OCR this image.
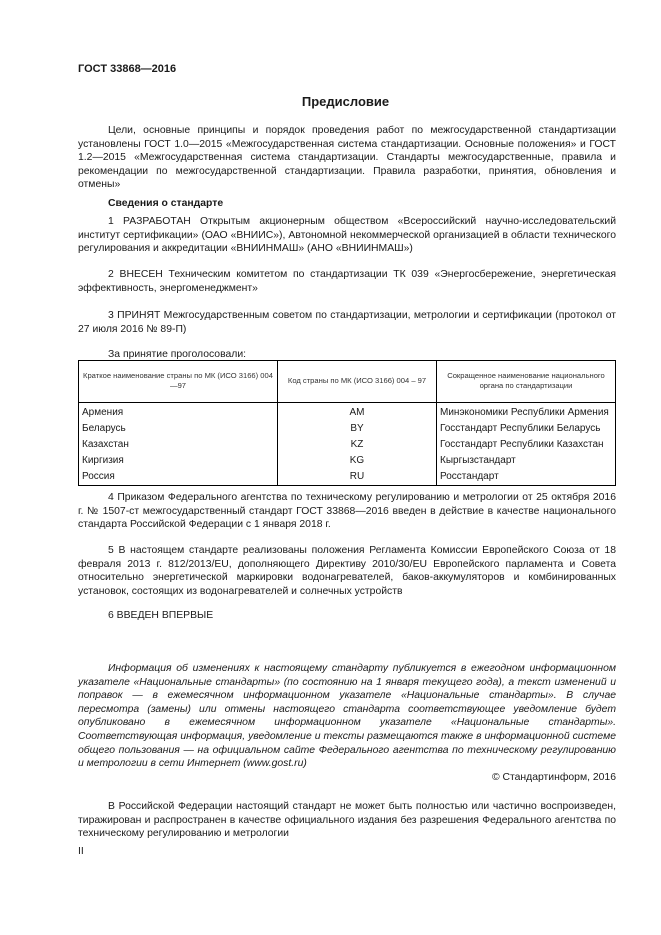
ГОСТ 33868—2016
Предисловие
Цели, основные принципы и порядок проведения работ по межгосударственной стандартизации установлены ГОСТ 1.0—2015 «Межгосударственная система стандартизации. Основные положения» и ГОСТ 1.2—2015 «Межгосударственная система стандартизации. Стандарты межгосударственные, правила и рекомендации по межгосударственной стандартизации. Правила разработки, принятия, обновления и отмены»
Сведения о стандарте
1 РАЗРАБОТАН Открытым акционерным обществом «Всероссийский научно-исследовательский институт сертификации» (ОАО «ВНИИС»), Автономной некоммерческой организацией в области технического регулирования и аккредитации «ВНИИНМАШ» (АНО «ВНИИНМАШ»)
2 ВНЕСЕН Техническим комитетом по стандартизации ТК 039 «Энергосбережение, энергетическая эффективность, энергоменеджмент»
3 ПРИНЯТ Межгосударственным советом по стандартизации, метрологии и сертификации (протокол от 27 июля 2016 № 89-П)
За принятие проголосовали:
Краткое наименование страны по МК (ИСО 3166) 004 —97	Код страны по МК (ИСО 3166) 004 – 97	Сокращенное наименование национального органа по стандартизации

Армения	AM	Минэкономики Республики Армения
Беларусь	BY	Госстандарт Республики Беларусь
Казахстан	KZ	Госстандарт Республики Казахстан
Киргизия	KG	Кыргызстандарт
Россия	RU	Росстандарт
4 Приказом Федерального агентства по техническому регулированию и метрологии от 25 октября 2016 г. № 1507-ст межгосударственный стандарт ГОСТ 33868—2016 введен в действие в качестве национального стандарта Российской Федерации с 1 января 2018 г.
5 В настоящем стандарте реализованы положения Регламента Комиссии Европейского Союза от 18 февраля 2013 г. 812/2013/EU, дополняющего Директиву 2010/30/EU Европейского парламента и Совета относительно энергетической маркировки водонагревателей, баков-аккумуляторов и комбинированных установок, состоящих из водонагревателей и солнечных устройств
6 ВВЕДЕН ВПЕРВЫЕ
Информация об изменениях к настоящему стандарту публикуется в ежегодном информационном указателе «Национальные стандарты» (по состоянию на 1 января текущего года), а текст изменений и поправок — в ежемесячном информационном указателе «Национальные стандарты». В случае пересмотра (замены) или отмены настоящего стандарта соответствующее уведомление будет опубликовано в ежемесячном информационном указателе «Национальные стандарты». Соответствующая информация, уведомление и тексты размещаются также в информационной системе общего пользования — на официальном сайте Федерального агентства по техническому регулированию и метрологии в сети Интернет (www.gost.ru)
© Стандартинформ, 2016
В Российской Федерации настоящий стандарт не может быть полностью или частично воспроизведен, тиражирован и распространен в качестве официального издания без разрешения Федерального агентства по техническому регулированию и метрологии
II
